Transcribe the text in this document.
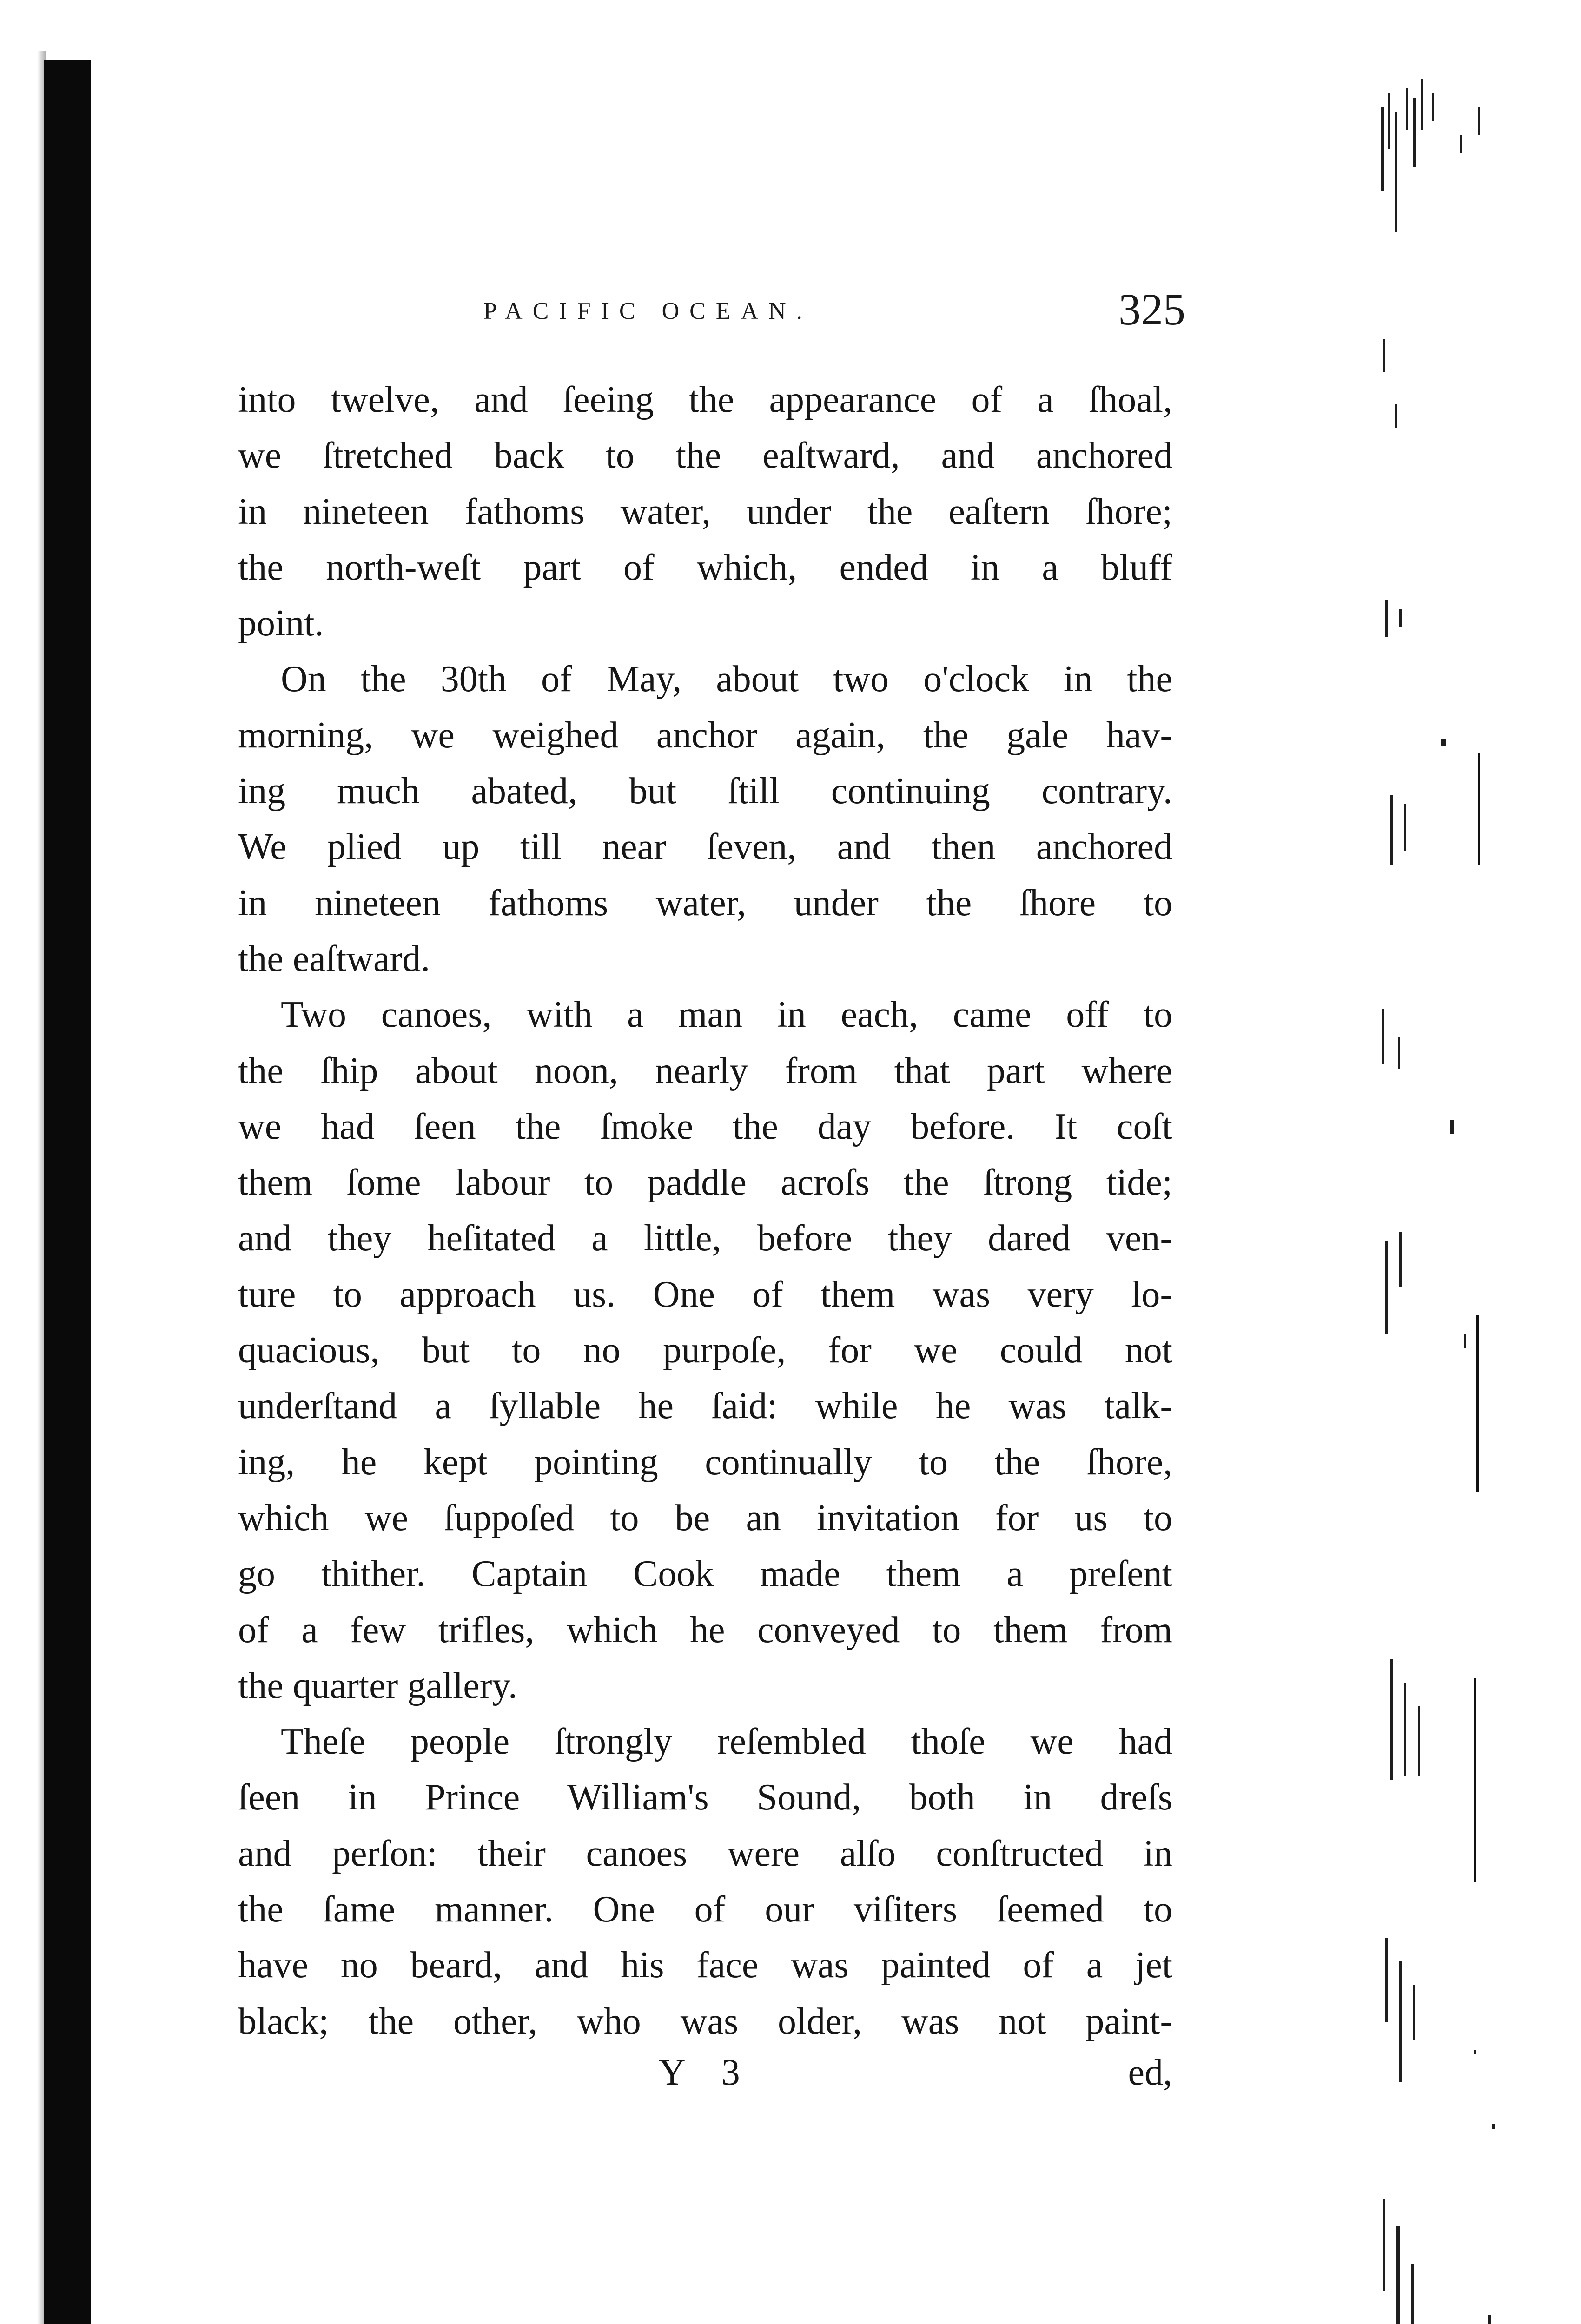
PACIFIC OCEAN.	325

into twelve, and ſeeing the appearance of a ſhoal,
we ſtretched back to the eaſtward, and anchored
in nineteen fathoms water, under the eaſtern ſhore;
the north-weſt part of which, ended in a bluff
point.

On the 30th of May, about two o'clock in the
morning, we weighed anchor again, the gale hav-
ing much abated, but ſtill continuing contrary.
We plied up till near ſeven, and then anchored
in nineteen fathoms water, under the ſhore to
the eaſtward.

Two canoes, with a man in each, came off to
the ſhip about noon, nearly from that part where
we had ſeen the ſmoke the day before. It coſt
them ſome labour to paddle acroſs the ſtrong tide;
and they heſitated a little, before they dared ven-
ture to approach us. One of them was very lo-
quacious, but to no purpoſe, for we could not
underſtand a ſyllable he ſaid: while he was talk-
ing, he kept pointing continually to the ſhore,
which we ſuppoſed to be an invitation for us to
go thither. Captain Cook made them a preſent
of a few trifles, which he conveyed to them from
the quarter gallery.

Theſe people ſtrongly reſembled thoſe we had
ſeen in Prince William's Sound, both in dreſs
and perſon: their canoes were alſo conſtructed in
the ſame manner. One of our viſiters ſeemed to
have no beard, and his face was painted of a jet
black; the other, who was older, was not paint-

Y 3	ed,
